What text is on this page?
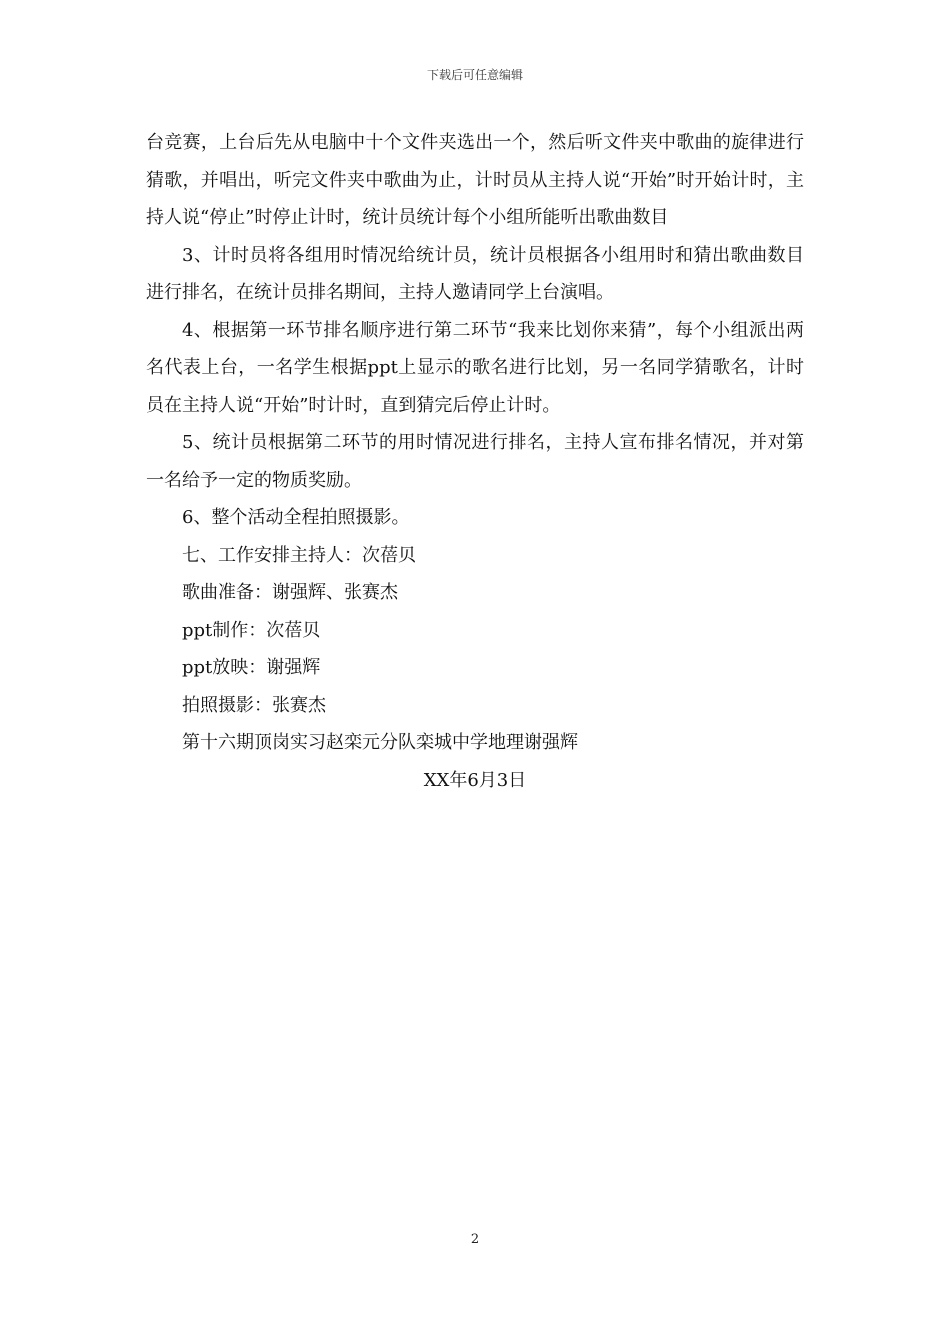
下载后可任意编辑

台竞赛，上台后先从电脑中十个文件夹选出一个，然后听文件夹中歌曲的旋律进行猜歌，并唱出，听完文件夹中歌曲为止，计时员从主持人说“开始”时开始计时，主持人说“停止”时停止计时，统计员统计每个小组所能听出歌曲数目

3、计时员将各组用时情况给统计员，统计员根据各小组用时和猜出歌曲数目进行排名，在统计员排名期间，主持人邀请同学上台演唱。

4、根据第一环节排名顺序进行第二环节“我来比划你来猜”，每个小组派出两名代表上台，一名学生根据ppt上显示的歌名进行比划，另一名同学猜歌名，计时员在主持人说“开始”时计时，直到猜完后停止计时。

5、统计员根据第二环节的用时情况进行排名，主持人宣布排名情况，并对第一名给予一定的物质奖励。

6、整个活动全程拍照摄影。

七、工作安排主持人：次蓓贝

歌曲准备：谢强辉、张赛杰

ppt制作：次蓓贝

ppt放映：谢强辉

拍照摄影：张赛杰

第十六期顶岗实习赵栾元分队栾城中学地理谢强辉

XX年6月3日

2
